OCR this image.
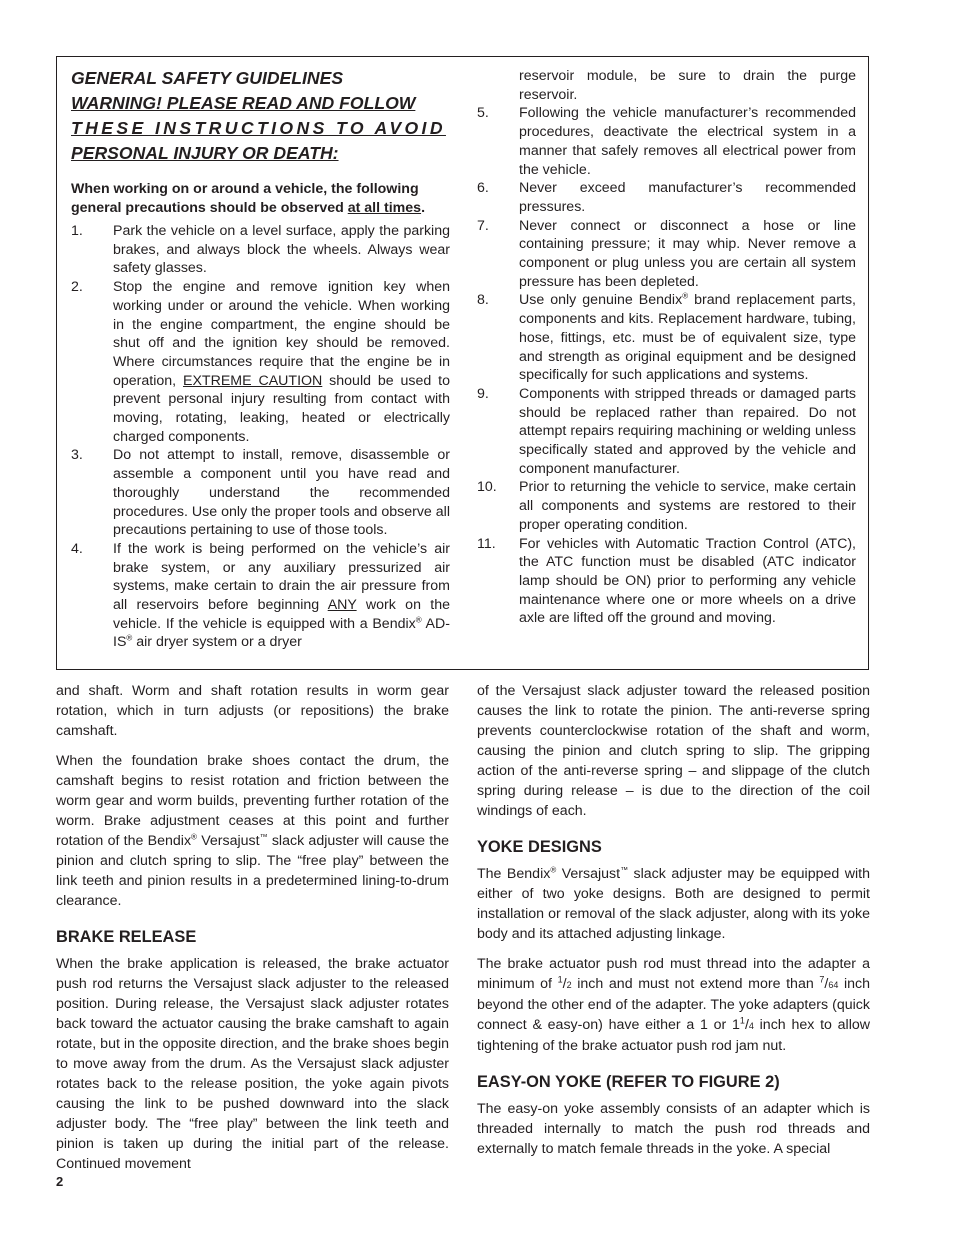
GENERAL SAFETY GUIDELINES
WARNING! PLEASE READ AND FOLLOW
THESE INSTRUCTIONS TO AVOID
PERSONAL INJURY OR DEATH:

When working on or around a vehicle, the following general precautions should be observed at all times.

1. Park the vehicle on a level surface, apply the parking brakes, and always block the wheels. Always wear safety glasses.
2. Stop the engine and remove ignition key when working under or around the vehicle. When working in the engine compartment, the engine should be shut off and the ignition key should be removed. Where circumstances require that the engine be in operation, EXTREME CAUTION should be used to prevent personal injury resulting from contact with moving, rotating, leaking, heated or electrically charged components.
3. Do not attempt to install, remove, disassemble or assemble a component until you have read and thoroughly understand the recommended procedures. Use only the proper tools and observe all precautions pertaining to use of those tools.
4. If the work is being performed on the vehicle’s air brake system, or any auxiliary pressurized air systems, make certain to drain the air pressure from all reservoirs before beginning ANY work on the vehicle. If the vehicle is equipped with a Bendix® AD-IS® air dryer system or a dryer
reservoir module, be sure to drain the purge reservoir.
5. Following the vehicle manufacturer’s recommended procedures, deactivate the electrical system in a manner that safely removes all electrical power from the vehicle.
6. Never exceed manufacturer’s recommended pressures.
7. Never connect or disconnect a hose or line containing pressure; it may whip. Never remove a component or plug unless you are certain all system pressure has been depleted.
8. Use only genuine Bendix® brand replacement parts, components and kits. Replacement hardware, tubing, hose, fittings, etc. must be of equivalent size, type and strength as original equipment and be designed specifically for such applications and systems.
9. Components with stripped threads or damaged parts should be replaced rather than repaired. Do not attempt repairs requiring machining or welding unless specifically stated and approved by the vehicle and component manufacturer.
10. Prior to returning the vehicle to service, make certain all components and systems are restored to their proper operating condition.
11. For vehicles with Automatic Traction Control (ATC), the ATC function must be disabled (ATC indicator lamp should be ON) prior to performing any vehicle maintenance where one or more wheels on a drive axle are lifted off the ground and moving.

and shaft. Worm and shaft rotation results in worm gear rotation, which in turn adjusts (or repositions) the brake camshaft.

When the foundation brake shoes contact the drum, the camshaft begins to resist rotation and friction between the worm gear and worm builds, preventing further rotation of the worm. Brake adjustment ceases at this point and further rotation of the Bendix® Versajust™ slack adjuster will cause the pinion and clutch spring to slip. The “free play” between the link teeth and pinion results in a predetermined lining-to-drum clearance.

BRAKE RELEASE

When the brake application is released, the brake actuator push rod returns the Versajust slack adjuster to the released position. During release, the Versajust slack adjuster rotates back toward the actuator causing the brake camshaft to again rotate, but in the opposite direction, and the brake shoes begin to move away from the drum. As the Versajust slack adjuster rotates back to the release position, the yoke again pivots causing the link to be pushed downward into the slack adjuster body. The “free play” between the link teeth and pinion is taken up during the initial part of the release. Continued movement

of the Versajust slack adjuster toward the released position causes the link to rotate the pinion. The anti-reverse spring prevents counterclockwise rotation of the shaft and worm, causing the pinion and clutch spring to slip. The gripping action of the anti-reverse spring – and slippage of the clutch spring during release – is due to the direction of the coil windings of each.

YOKE DESIGNS

The Bendix® Versajust™ slack adjuster may be equipped with either of two yoke designs. Both are designed to permit installation or removal of the slack adjuster, along with its yoke body and its attached adjusting linkage.

The brake actuator push rod must thread into the adapter a minimum of $^1$/2 inch and must not extend more than $^7$/64 inch beyond the other end of the adapter. The yoke adapters (quick connect & easy-on) have either a 1 or $1^1/4$ inch hex to allow tightening of the brake actuator push rod jam nut.

EASY-ON YOKE (REFER TO FIGURE 2)

The easy-on yoke assembly consists of an adapter which is threaded internally to match the push rod threads and externally to match female threads in the yoke. A special

2
